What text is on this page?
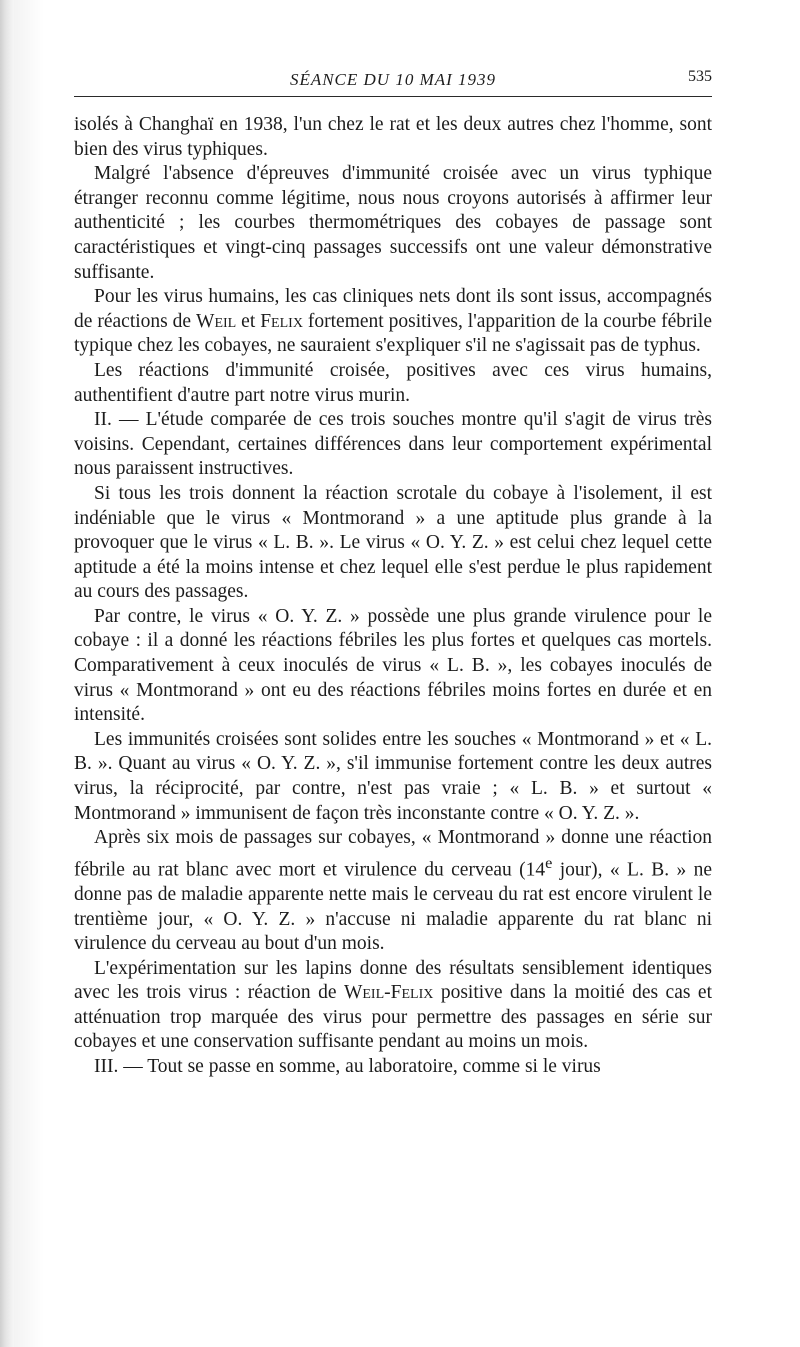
SÉANCE DU 10 MAI 1939	535

isolés à Changhaï en 1938, l'un chez le rat et les deux autres chez l'homme, sont bien des virus typhiques.

Malgré l'absence d'épreuves d'immunité croisée avec un virus typhique étranger reconnu comme légitime, nous nous croyons autorisés à affirmer leur authenticité ; les courbes thermométriques des cobayes de passage sont caractéristiques et vingt-cinq passages successifs ont une valeur démonstrative suffisante.

Pour les virus humains, les cas cliniques nets dont ils sont issus, accompagnés de réactions de Weil et Felix fortement positives, l'apparition de la courbe fébrile typique chez les cobayes, ne sauraient s'expliquer s'il ne s'agissait pas de typhus.

Les réactions d'immunité croisée, positives avec ces virus humains, authentifient d'autre part notre virus murin.

II. — L'étude comparée de ces trois souches montre qu'il s'agit de virus très voisins. Cependant, certaines différences dans leur comportement expérimental nous paraissent instructives.

Si tous les trois donnent la réaction scrotale du cobaye à l'isolement, il est indéniable que le virus « Montmorand » a une aptitude plus grande à la provoquer que le virus « L. B. ». Le virus « O. Y. Z. » est celui chez lequel cette aptitude a été la moins intense et chez lequel elle s'est perdue le plus rapidement au cours des passages.

Par contre, le virus « O. Y. Z. » possède une plus grande virulence pour le cobaye : il a donné les réactions fébriles les plus fortes et quelques cas mortels. Comparativement à ceux inoculés de virus « L. B. », les cobayes inoculés de virus « Montmorand » ont eu des réactions fébriles moins fortes en durée et en intensité.

Les immunités croisées sont solides entre les souches « Montmorand » et « L. B. ». Quant au virus « O. Y. Z. », s'il immunise fortement contre les deux autres virus, la réciprocité, par contre, n'est pas vraie ; « L. B. » et surtout « Montmorand » immunisent de façon très inconstante contre « O. Y. Z. ».

Après six mois de passages sur cobayes, « Montmorand » donne une réaction fébrile au rat blanc avec mort et virulence du cerveau (14e jour), « L. B. » ne donne pas de maladie apparente nette mais le cerveau du rat est encore virulent le trentième jour, « O. Y. Z. » n'accuse ni maladie apparente du rat blanc ni virulence du cerveau au bout d'un mois.

L'expérimentation sur les lapins donne des résultats sensiblement identiques avec les trois virus : réaction de Weil-Felix positive dans la moitié des cas et atténuation trop marquée des virus pour permettre des passages en série sur cobayes et une conservation suffisante pendant au moins un mois.

III. — Tout se passe en somme, au laboratoire, comme si le virus
